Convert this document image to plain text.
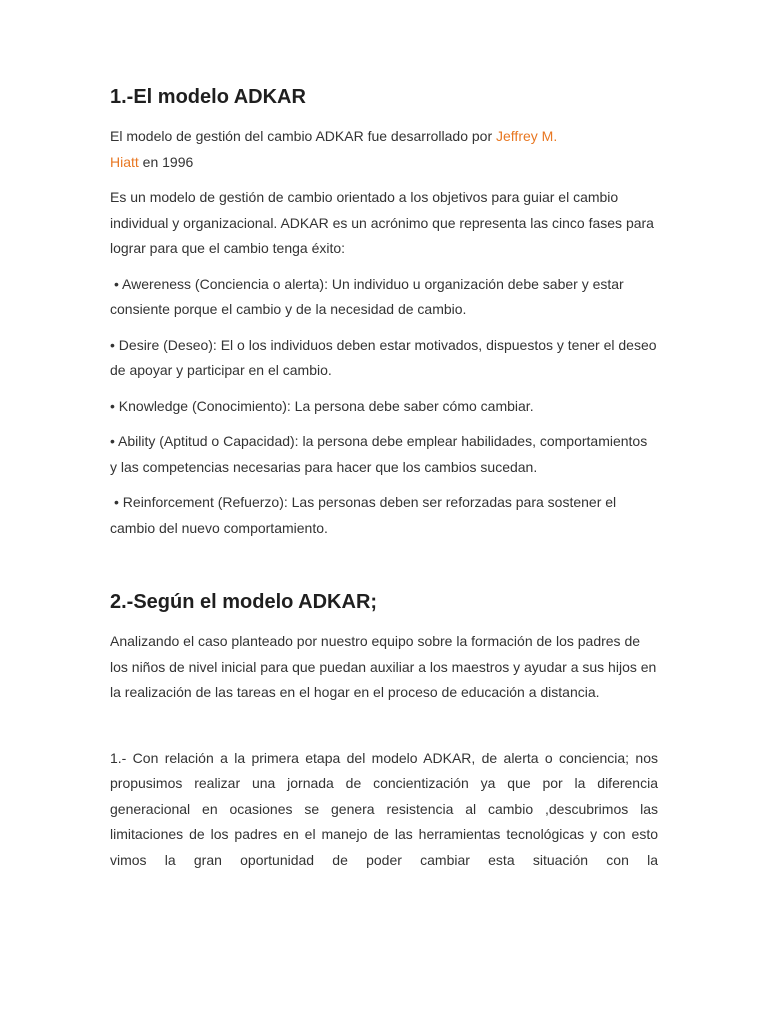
1.-El modelo ADKAR

El modelo de gestión del cambio ADKAR fue desarrollado por Jeffrey M.
Hiatt en 1996

Es un modelo de gestión de cambio orientado a los objetivos para guiar el cambio individual y organizacional. ADKAR es un acrónimo que representa las cinco fases para lograr para que el cambio tenga éxito:

• Awereness (Conciencia o alerta): Un individuo u organización debe saber y estar consiente porque el cambio y de la necesidad de cambio.

• Desire (Deseo): El o los individuos deben estar motivados, dispuestos y tener el deseo de apoyar y participar en el cambio.

• Knowledge (Conocimiento): La persona debe saber cómo cambiar.

• Ability (Aptitud o Capacidad): la persona debe emplear habilidades, comportamientos y las competencias necesarias para hacer que los cambios sucedan.

• Reinforcement (Refuerzo): Las personas deben ser reforzadas para sostener el cambio del nuevo comportamiento.

2.-Según el modelo ADKAR;

Analizando el caso planteado por nuestro equipo sobre la formación de los padres de los niños de nivel inicial para que puedan auxiliar a los maestros y ayudar a sus hijos en la realización de las tareas en el hogar en el proceso de educación a distancia.

1.- Con relación a la primera etapa del modelo ADKAR, de alerta o conciencia; nos propusimos realizar una jornada de concientización ya que por la diferencia generacional en ocasiones se genera resistencia al cambio ,descubrimos las limitaciones de los padres en el manejo de las herramientas tecnológicas y con esto vimos la gran oportunidad de poder cambiar esta situación con la
